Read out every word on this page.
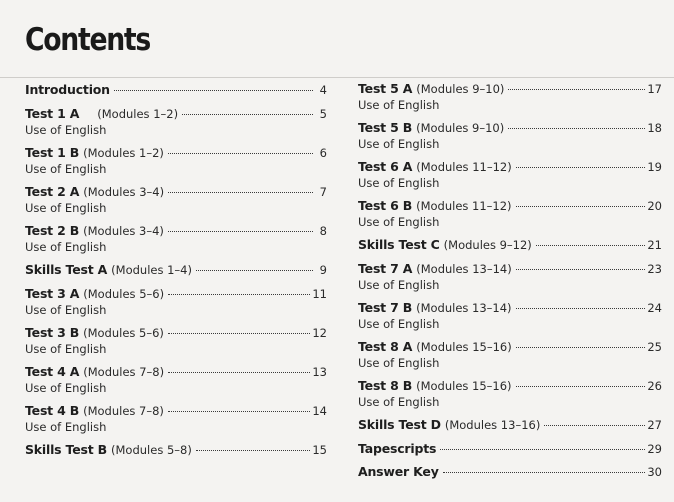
Contents
Introduction	4
Test 1 A (Modules 1–2)	5
Use of English
Test 1 B (Modules 1–2)	6
Use of English
Test 2 A (Modules 3–4)	7
Use of English
Test 2 B (Modules 3–4)	8
Use of English
Skills Test A (Modules 1–4)	9
Test 3 A (Modules 5–6)	11
Use of English
Test 3 B (Modules 5–6)	12
Use of English
Test 4 A (Modules 7–8)	13
Use of English
Test 4 B (Modules 7–8)	14
Use of English
Skills Test B (Modules 5–8)	15
Test 5 A (Modules 9–10)	17
Use of English
Test 5 B (Modules 9–10)	18
Use of English
Test 6 A (Modules 11–12)	19
Use of English
Test 6 B (Modules 11–12)	20
Use of English
Skills Test C (Modules 9–12)	21
Test 7 A (Modules 13–14)	23
Use of English
Test 7 B (Modules 13–14)	24
Use of English
Test 8 A (Modules 15–16)	25
Use of English
Test 8 B (Modules 15–16)	26
Use of English
Skills Test D (Modules 13–16)	27
Tapescripts	29
Answer Key	30
